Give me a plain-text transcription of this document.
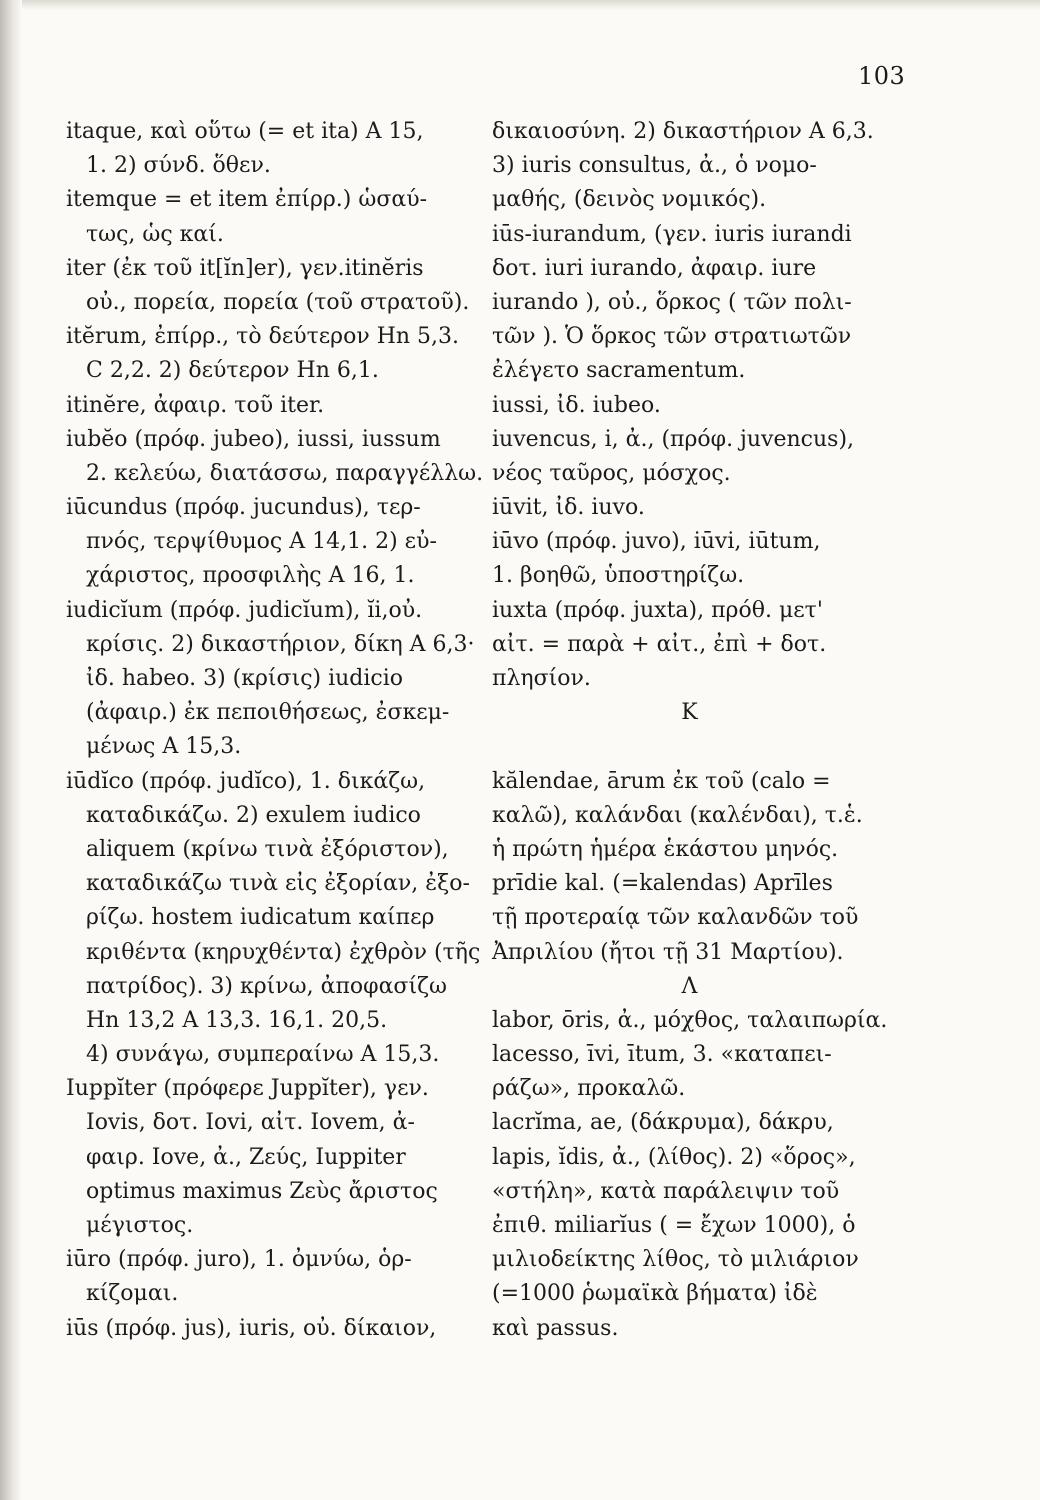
103
itaque, καὶ οὕτω (= et ita) A 15,
1. 2) σύνδ. ὅθεν.
itemque = et item ἐπίρρ.) ὡσαύ-
τως, ὡς καί.
iter (ἐκ τοῦ it[ĭn]er), γεν.itinĕris
οὐ., πορεία, πορεία (τοῦ στρατοῦ).
itĕrum, ἐπίρρ., τὸ δεύτερον Hn 5,3.
C 2,2. 2) δεύτερον Hn 6,1.
itinĕre, ἀφαιρ. τοῦ iter.
iubĕo (πρόφ. jubeo), iussi, iussum
2. κελεύω, διατάσσω, παραγγέλλω.
iūcundus (πρόφ. jucundus), τερ-
πνός, τερψίθυμος A 14,1. 2) εὐ-
χάριστος, προσφιλὴς A 16, 1.
iudicĭum (πρόφ. judicĭum), ĭi,οὐ.
κρίσις. 2) δικαστήριον, δίκη A 6,3·
ἰδ. habeo. 3) (κρίσις) iudicio
(ἀφαιρ.) ἐκ πεποιθήσεως, ἐσκεμ-
μένως A 15,3.
iūdĭco (πρόφ. judĭco), 1. δικάζω,
καταδικάζω. 2) exulem iudico
aliquem (κρίνω τινὰ ἐξόριστον),
καταδικάζω τινὰ εἰς ἐξορίαν, ἐξο-
ρίζω. hostem iudicatum καίπερ
κριθέντα (κηρυχθέντα) ἐχθρὸν (τῆς
πατρίδος). 3) κρίνω, ἀποφασίζω
Hn 13,2 A 13,3. 16,1. 20,5.
4) συνάγω, συμπεραίνω A 15,3.
Iuppĭter (πρόφερε Juppĭter), γεν.
Iovis, δοτ. Iovi, αἰτ. Iovem, ἀ-
φαιρ. Iove, ἀ., Ζεύς, Iuppiter
optimus maximus Ζεὺς ἄριστος
μέγιστος.
iūro (πρόφ. juro), 1. ὀμνύω, ὁρ-
κίζομαι.
iūs (πρόφ. jus), iuris, οὐ. δίκαιον,
δικαιοσύνη. 2) δικαστήριον A 6,3.
3) iuris consultus, ἀ., ὁ νομο-
μαθής, (δεινὸς νομικός).
iūs-iurandum, (γεν. iuris iurandi
δοτ. iuri iurando, ἀφαιρ. iure
iurando ), οὐ., ὅρκος ( τῶν πολι-
τῶν ). Ὁ ὅρκος τῶν στρατιωτῶν
ἐλέγετο sacramentum.
iussi, ἰδ. iubeo.
iuvencus, i, ἀ., (πρόφ. juvencus),
νέος ταῦρος, μόσχος.
iūvit, ἰδ. iuvo.
iūvo (πρόφ. juvo), iūvi, iūtum,
1. βοηθῶ, ὑποστηρίζω.
iuxta (πρόφ. juxta), πρόθ. μετ'
αἰτ. = παρὰ + αἰτ., ἐπὶ + δοτ.
πλησίον.
K
kălendae, ārum ἐκ τοῦ (calo =
καλῶ), καλάνδαι (καλένδαι), τ.ἑ.
ἡ πρώτη ἡμέρα ἑκάστου μηνός.
prīdie kal. (=kalendas) Aprīles
τῇ προτεραίᾳ τῶν καλανδῶν τοῦ
Ἀπριλίου (ἤτοι τῇ 31 Μαρτίου).
Λ
labor, ōris, ἀ., μόχθος, ταλαιπωρία.
lacesso, īvi, ītum, 3. «καταπει-
ράζω», προκαλῶ.
lacrĭma, ae, (δάκρυμα), δάκρυ,
lapis, ĭdis, ἀ., (λίθος). 2) «ὅρος»,
«στήλη», κατὰ παράλειψιν τοῦ
ἐπιθ. miliarĭus ( = ἔχων 1000), ὁ
μιλιοδείκτης λίθος, τὸ μιλιάριον
(=1000 ῥωμαϊκὰ βήματα) ἰδὲ
καὶ passus.
